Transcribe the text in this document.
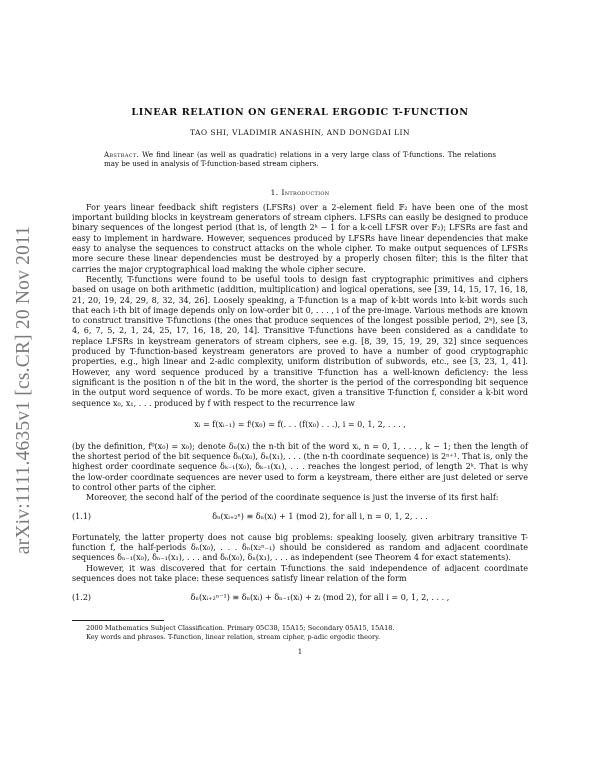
arXiv:1111.4635v1 [cs.CR] 20 Nov 2011
LINEAR RELATION ON GENERAL ERGODIC T-FUNCTION
TAO SHI, VLADIMIR ANASHIN, AND DONGDAI LIN
Abstract. We find linear (as well as quadratic) relations in a very large class of T-functions. The relations may be used in analysis of T-function-based stream ciphers.
1. Introduction

For years linear feedback shift registers (LFSRs) over a 2-element field 𝔽₂ have been one of the most important building blocks in keystream generators of stream ciphers. LFSRs can easily be designed to produce binary sequences of the longest period (that is, of length 2ᵏ − 1 for a k-cell LFSR over 𝔽₂); LFSRs are fast and easy to implement in hardware. However, sequences produced by LFSRs have linear dependencies that make easy to analyse the sequences to construct attacks on the whole cipher. To make output sequences of LFSRs more secure these linear dependencies must be destroyed by a properly chosen filter; this is the filter that carries the major cryptographical load making the whole cipher secure.

Recently, T-functions were found to be useful tools to design fast cryptographic primitives and ciphers based on usage on both arithmetic (addition, multiplication) and logical operations, see [39, 14, 15, 17, 16, 18, 21, 20, 19, 24, 29, 8, 32, 34, 26]. Loosely speaking, a T-function is a map of k-bit words into k-bit words such that each i-th bit of image depends only on low-order bit 0, . . . , i of the pre-image. Various methods are known to construct transitive T-functions (the ones that produce sequences of the longest possible period, 2ᵏ), see [3, 4, 6, 7, 5, 2, 1, 24, 25, 17, 16, 18, 20, 14]. Transitive T-functions have been considered as a candidate to replace LFSRs in keystream generators of stream ciphers, see e.g. [8, 39, 15, 19, 29, 32] since sequences produced by T-function-based keystream generators are proved to have a number of good cryptographic properties, e.g., high linear and 2-adic complexity, uniform distribution of subwords, etc., see [3, 23, 1, 41]. However, any word sequence produced by a transitive T-function has a well-known deficiency: the less significant is the position n of the bit in the word, the shorter is the period of the corresponding bit sequence in the output word sequence of words. To be more exact, given a transitive T-function f, consider a k-bit word sequence x₀, x₁, . . . produced by f with respect to the recurrence law

xᵢ = f(xᵢ₋₁) = fⁱ(x₀) = f(. . . (f(x₀) . . .), i = 0, 1, 2, . . . ,

(by the definition, f⁰(x₀) = x₀); denote δₙ(xᵢ) the n-th bit of the word xᵢ, n = 0, 1, . . . , k − 1; then the length of the shortest period of the bit sequence δₙ(x₀), δₙ(x₁), . . . (the n-th coordinate sequence) is 2ⁿ⁺¹. That is, only the highest order coordinate sequence δₖ₋₁(x₀), δₖ₋₁(x₁), . . . reaches the longest period, of length 2ᵏ. That is why the low-order coordinate sequences are never used to form a keystream, there either are just deleted or serve to control other parts of the cipher.

Moreover, the second half of the period of the coordinate sequence is just the inverse of its first half:

(1.1)	δₙ(xᵢ₊₂ⁿ) ≡ δₙ(xᵢ) + 1 (mod 2), for all i, n = 0, 1, 2, . . .

Fortunately, the latter property does not cause big problems: speaking loosely, given arbitrary transitive T-function f, the half-periods δₙ(x₀), . . . δₙ(x₂ⁿ₋₁) should be considered as random and adjacent coordinate sequences δₙ₋₁(x₀), δₙ₋₁(x₁), . . . and δₙ(x₀), δₙ(x₁), . . . as independent (see Theorem 4 for exact statements).

However, it was discovered that for certain T-functions the said independence of adjacent coordinate sequences does not take place: these sequences satisfy linear relation of the form

(1.2)	δₙ(xᵢ₊₂ⁿ⁻¹) ≡ δₙ(xᵢ) + δₙ₋₁(xᵢ) + zᵢ (mod 2), for all i = 0, 1, 2, . . . ,
2000 Mathematics Subject Classification. Primary 05C38, 15A15; Secondary 05A15, 15A18.
Key words and phrases. T-function, linear relation, stream cipher, p-adic ergodic theory.
1
